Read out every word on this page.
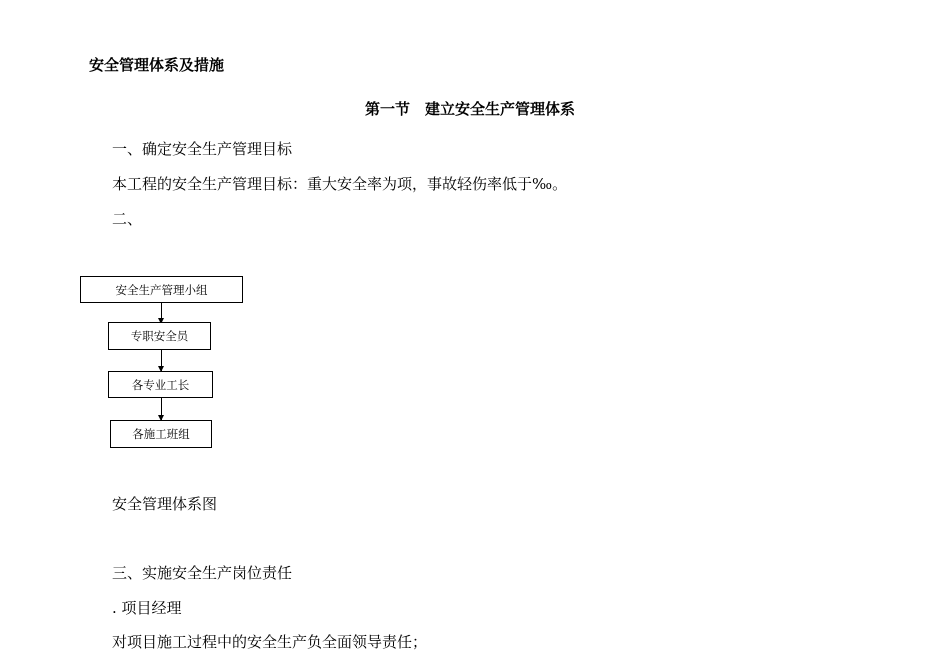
安全管理体系及措施
第一节　建立安全生产管理体系
一、确定安全生产管理目标
本工程的安全生产管理目标：重大安全率为项，事故轻伤率低于‰。
二、
安全生产管理小组
专职安全员
各专业工长
各施工班组
安全管理体系图
三、实施安全生产岗位责任
. 项目经理
对项目施工过程中的安全生产负全面领导责任；
